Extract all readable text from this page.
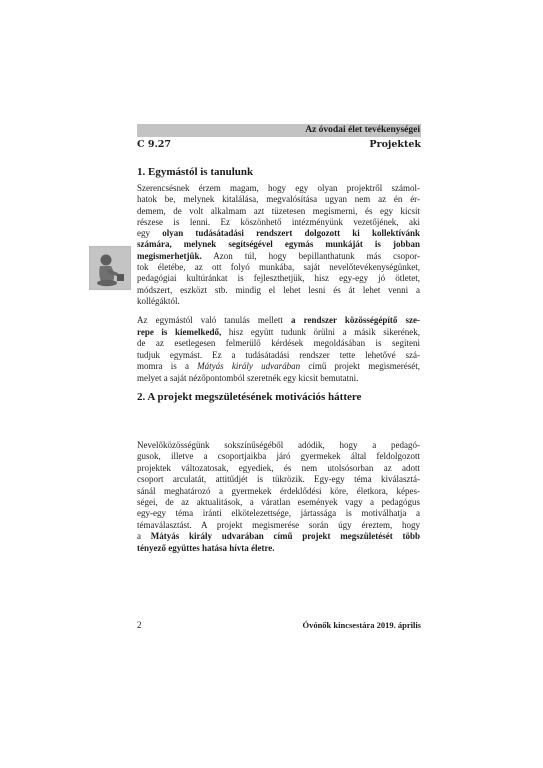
Az óvodai élet tevékenységei
C 9.27	Projektek
1. Egymástól is tanulunk
Szerencsésnek érzem magam, hogy egy olyan projektről számol-
hatok be, melynek kitalálása, megvalósítása ugyan nem az én ér-
demem, de volt alkalmam azt tüzetesen megismerni, és egy kicsit
részese is lenni. Ez köszönhető intézményünk vezetőjének, aki
egy olyan tudásátadási rendszert dolgozott ki kollektívánk
számára, melynek segítségével egymás munkáját is jobban
megismerhetjük. Azon túl, hogy bepillanthatunk más csopor-
tok életébe, az ott folyó munkába, saját nevelőtevékenységünket,
pedagógiai kultúránkat is fejleszthetjük, hisz egy-egy jó ötletet,
módszert, eszközt stb. mindig el lehet lesni és át lehet venni a
kollégáktól.
Az egymástól való tanulás mellett a rendszer közösségépítő sze-
repe is kiemelkedő, hisz együtt tudunk örülni a másik sikerének,
de az esetlegesen felmerülő kérdések megoldásában is segíteni
tudjuk egymást. Ez a tudásátadási rendszer tette lehetővé szá-
momra is a Mátyás király udvarában című projekt megismerését,
melyet a saját nézőpontomból szeretnék egy kicsit bemutatni.
2. A projekt megszületésének motivációs háttere
Nevelőközösségünk sokszínűségéből adódik, hogy a pedagó-
gusok, illetve a csoportjaikba járó gyermekek által feldolgozott
projektek változatosak, egyediek, és nem utolsósorban az adott
csoport arculatát, attitűdjét is tükrözik. Egy-egy téma kiválasztá-
sánál meghatározó a gyermekek érdeklődési köre, életkora, képes-
ségei, de az aktualitások, a váratlan események vagy a pedagógus
egy-egy téma iránti elkötelezettsége, jártassága is motiválhatja a
témaválasztást. A projekt megismerése során úgy éreztem, hogy
a Mátyás király udvarában című projekt megszületését több
tényező együttes hatása hívta életre.
2	Óvónők kincsestára 2019. április
